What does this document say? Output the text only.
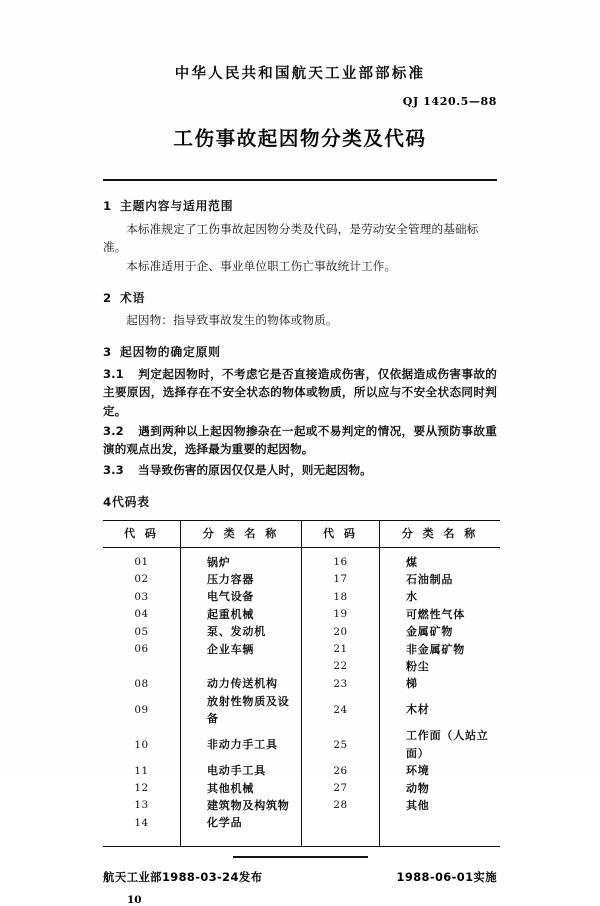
中华人民共和国航天工业部部标准
QJ 1420.5—88
工伤事故起因物分类及代码
1 主题内容与适用范围

本标准规定了工伤事故起因物分类及代码，是劳动安全管理的基础标准。

本标准适用于企、事业单位职工伤亡事故统计工作。

2 术语

起因物：指导致事故发生的物体或物质。

3 起因物的确定原则

3.1 判定起因物时，不考虑它是否直接造成伤害，仅依据造成伤害事故的主要原因，选择存在不安全状态的物体或物质，所以应与不安全状态同时判定。

3.2 遇到两种以上起因物掺杂在一起或不易判定的情况，要从预防事故重演的观点出发，选择最为重要的起因物。

3.3 当导致伤害的原因仅仅是人时，则无起因物。

4代码表
代 码	分 类 名 称	代 码	分 类 名 称
01	锅炉	16	煤
02	压力容器	17	石油制品
03	电气设备	18	水
04	起重机械	19	可燃性气体
05	泵、发动机	20	金属矿物
06	企业车辆	21	非金属矿物
		22	粉尘
08	动力传送机构	23	梯
09	放射性物质及设备	24	木材
10	非动力手工具	25	工作面（人站立面）
11	电动手工具	26	环境
12	其他机械	27	动物
13	建筑物及构筑物	28	其他
14	化学品		

航天工业部1988-03-24发布	1988-06-01实施
10
